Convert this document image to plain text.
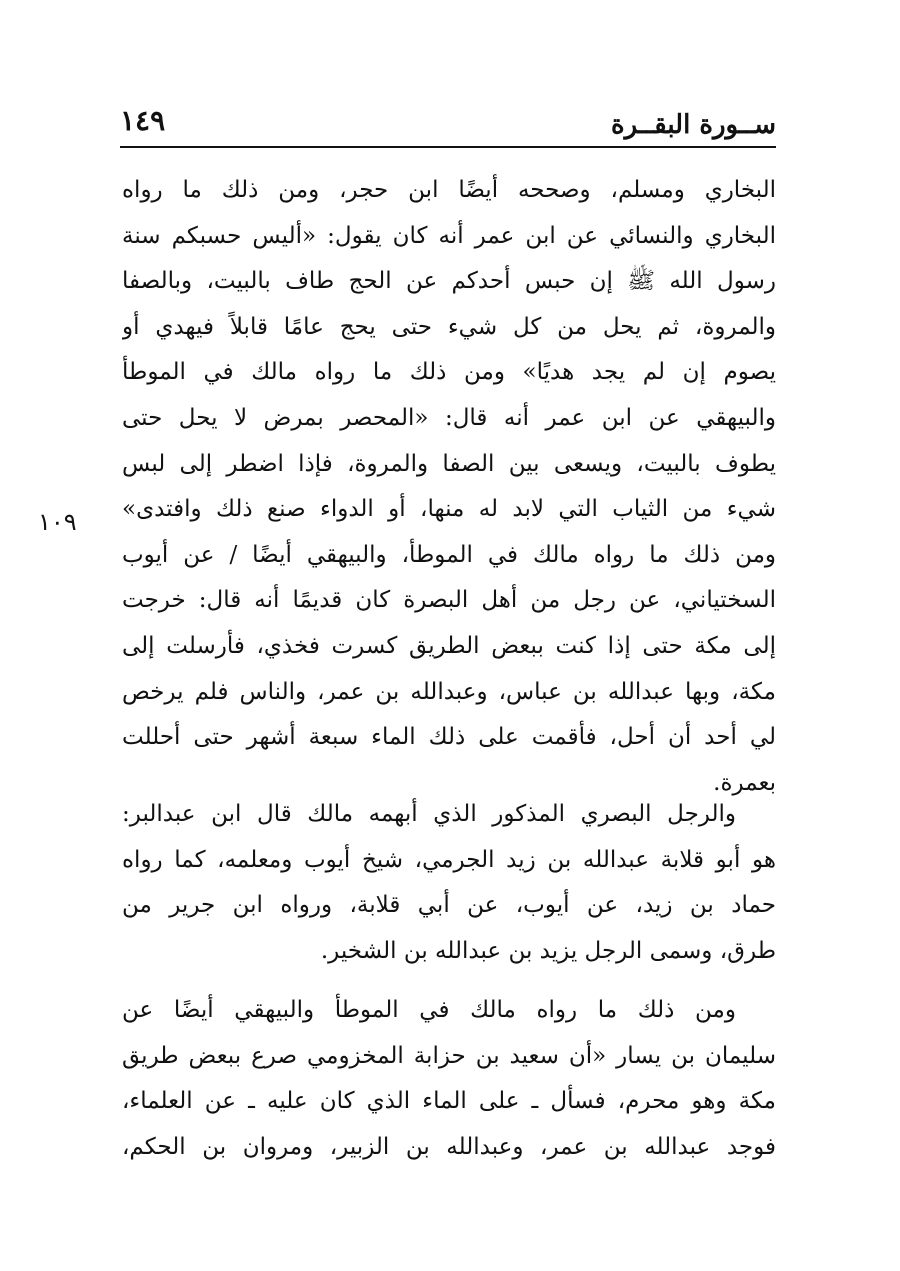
ســورة البقــرة
١٤٩
١٠٩
البخاري ومسلم، وصححه أيضًا ابن حجر، ومن ذلك ما رواه
البخاري والنسائي عن ابن عمر أنه كان يقول: «أليس حسبكم سنة
رسول الله ﷺ إن حبس أحدكم عن الحج طاف بالبيت، وبالصفا
والمروة، ثم يحل من كل شيء حتى يحج عامًا قابلاً فيهدي أو
يصوم إن لم يجد هديًا» ومن ذلك ما رواه مالك في الموطأ
والبيهقي عن ابن عمر أنه قال: «المحصر بمرض لا يحل حتى
يطوف بالبيت، ويسعى بين الصفا والمروة، فإذا اضطر إلى لبس
شيء من الثياب التي لابد له منها، أو الدواء صنع ذلك وافتدى»
ومن ذلك ما رواه مالك في الموطأ، والبيهقي أيضًا / عن أيوب
السختياني، عن رجل من أهل البصرة كان قديمًا أنه قال: خرجت
إلى مكة حتى إذا كنت ببعض الطريق كسرت فخذي، فأرسلت إلى
مكة، وبها عبدالله بن عباس، وعبدالله بن عمر، والناس فلم يرخص
لي أحد أن أحل، فأقمت على ذلك الماء سبعة أشهر حتى أحللت
بعمرة.
والرجل البصري المذكور الذي أبهمه مالك قال ابن عبدالبر:
هو أبو قلابة عبدالله بن زيد الجرمي، شيخ أيوب ومعلمه، كما رواه
حماد بن زيد، عن أيوب، عن أبي قلابة، ورواه ابن جرير من
طرق، وسمى الرجل يزيد بن عبدالله بن الشخير.
ومن ذلك ما رواه مالك في الموطأ والبيهقي أيضًا عن
سليمان بن يسار «أن سعيد بن حزابة المخزومي صرع ببعض طريق
مكة وهو محرم، فسأل ـ على الماء الذي كان عليه ـ عن العلماء،
فوجد عبدالله بن عمر، وعبدالله بن الزبير، ومروان بن الحكم،
